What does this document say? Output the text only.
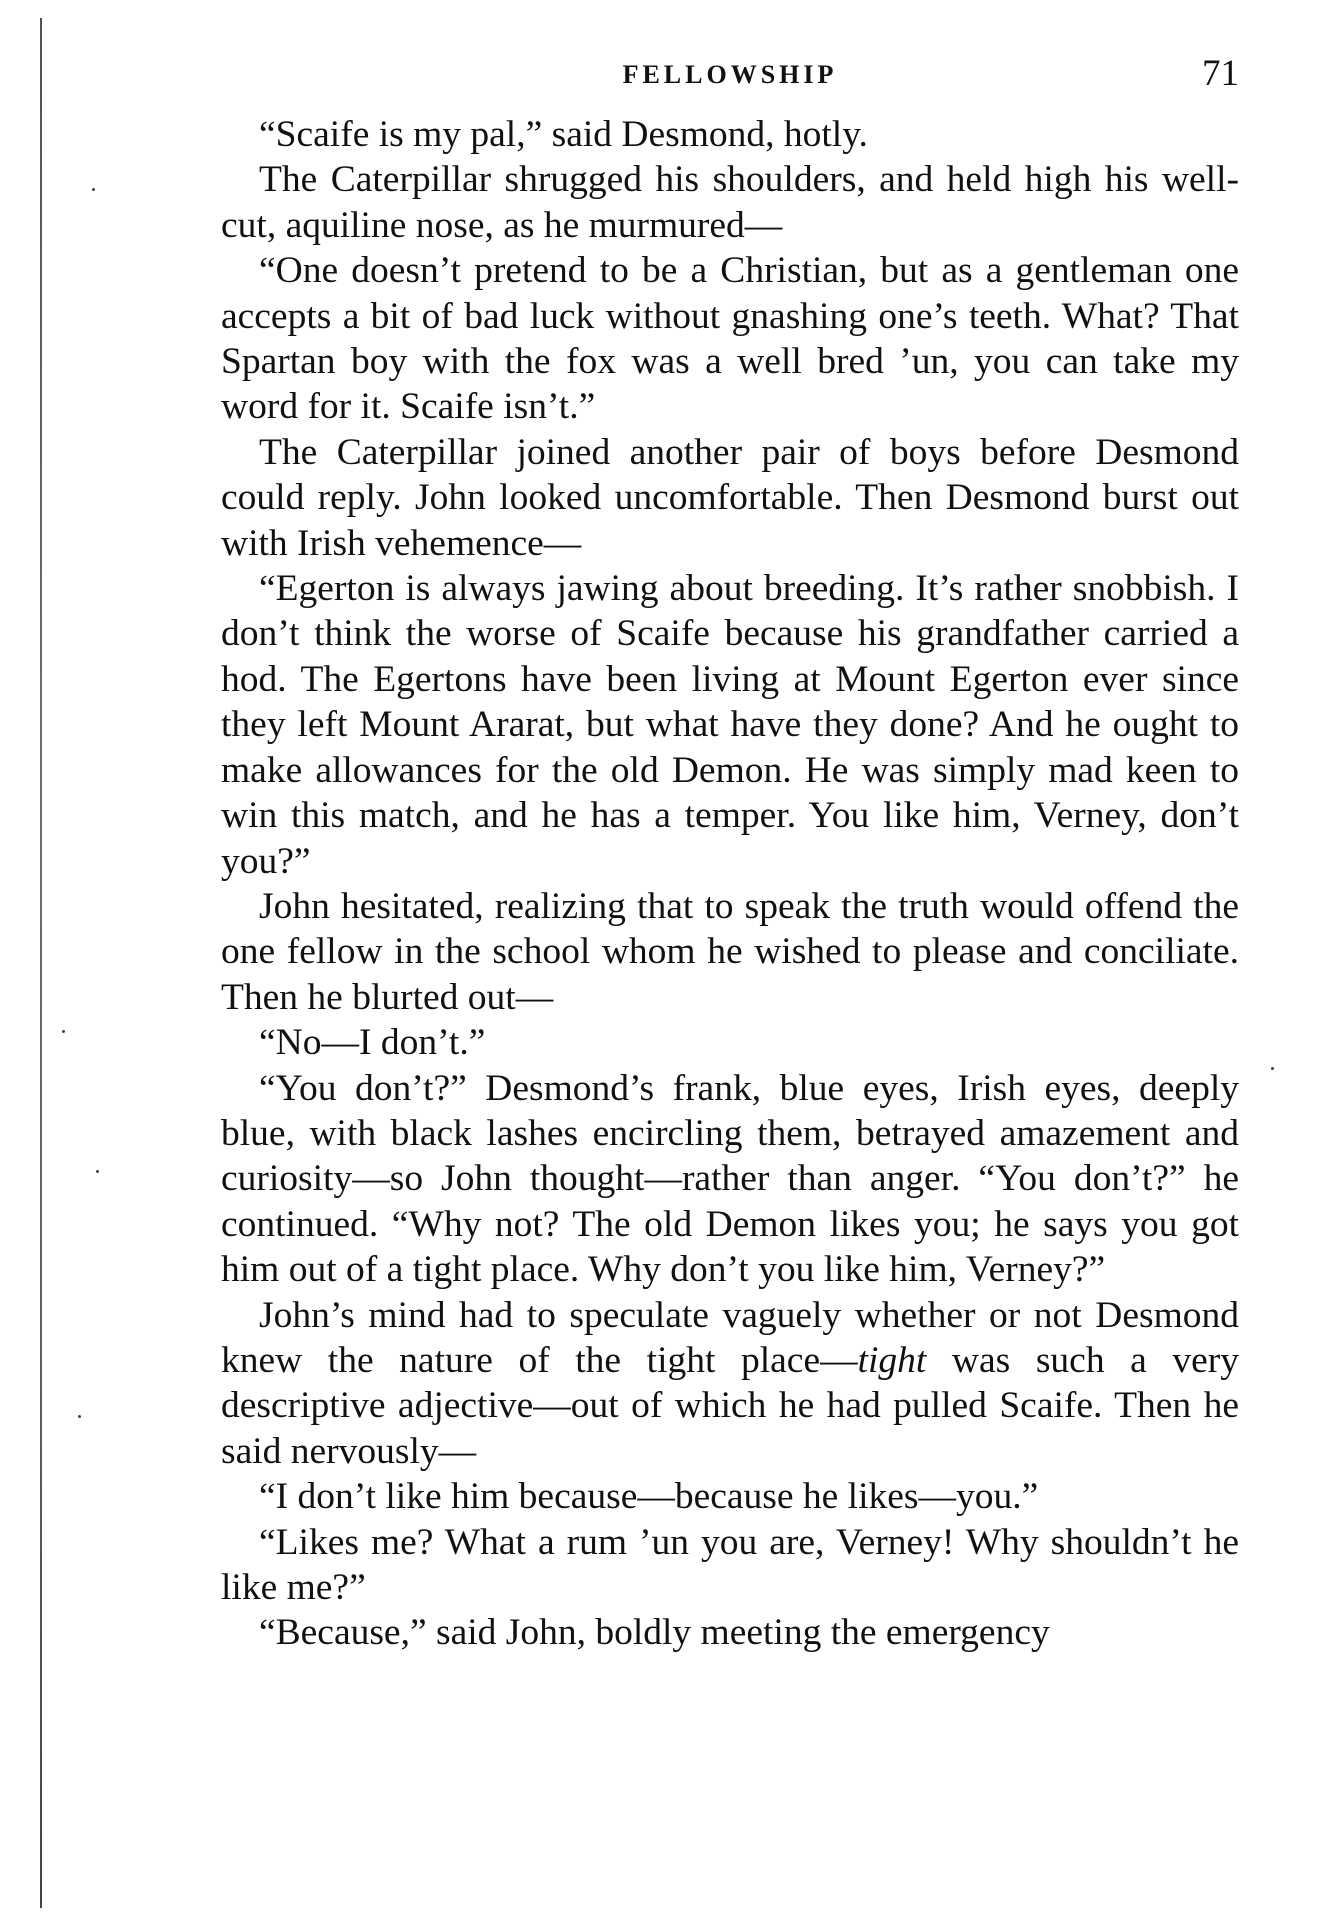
FELLOWSHIP	71

“Scaife is my pal,” said Desmond, hotly.

The Caterpillar shrugged his shoulders, and held high his well-cut, aquiline nose, as he murmured—

“One doesn’t pretend to be a Christian, but as a gentleman one accepts a bit of bad luck without gnashing one’s teeth. What? That Spartan boy with the fox was a well bred ’un, you can take my word for it. Scaife isn’t.”

The Caterpillar joined another pair of boys before Desmond could reply. John looked uncomfortable. Then Desmond burst out with Irish vehemence—

“Egerton is always jawing about breeding. It’s rather snobbish. I don’t think the worse of Scaife because his grandfather carried a hod. The Egertons have been living at Mount Egerton ever since they left Mount Ararat, but what have they done? And he ought to make allowances for the old Demon. He was simply mad keen to win this match, and he has a temper. You like him, Verney, don’t you?”

John hesitated, realizing that to speak the truth would offend the one fellow in the school whom he wished to please and conciliate. Then he blurted out—

“No—I don’t.”

“You don’t?” Desmond’s frank, blue eyes, Irish eyes, deeply blue, with black lashes encircling them, betrayed amazement and curiosity—so John thought—rather than anger. “You don’t?” he continued. “Why not? The old Demon likes you; he says you got him out of a tight place. Why don’t you like him, Verney?”

John’s mind had to speculate vaguely whether or not Desmond knew the nature of the tight place—tight was such a very descriptive adjective—out of which he had pulled Scaife. Then he said nervously—

“I don’t like him because—because he likes—you.”

“Likes me? What a rum ’un you are, Verney! Why shouldn’t he like me?”

“Because,” said John, boldly meeting the emergency
